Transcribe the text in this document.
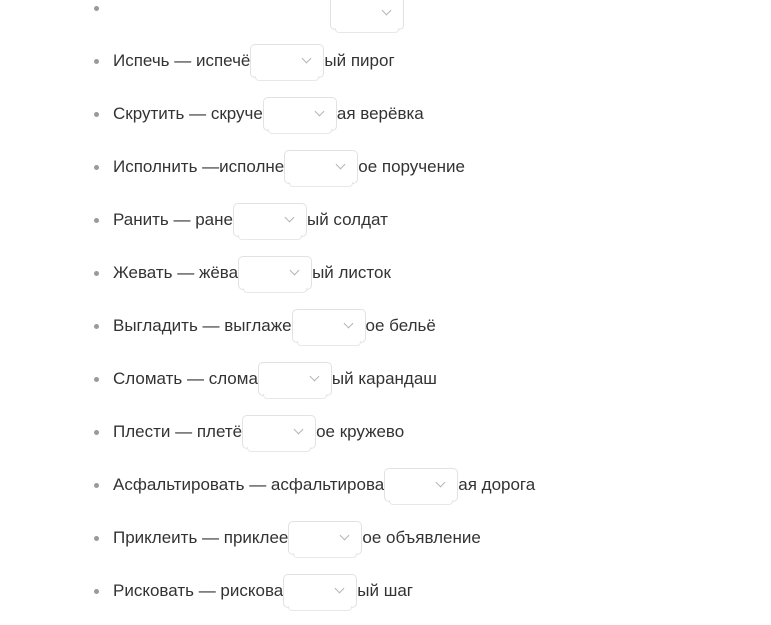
Испечь — испечё	ый пирог
Скрутить — скруче	ая верёвка
Исполнить —исполне	ое поручение
Ранить — ране	ый солдат
Жевать — жёва	ый листок
Выгладить — выглаже	ое бельё
Сломать — слома	ый карандаш
Плести — плетё	ое кружево
Асфальтировать — асфальтирова	ая дорога
Приклеить — приклее	ое объявление
Рисковать — рискова	ый шаг
